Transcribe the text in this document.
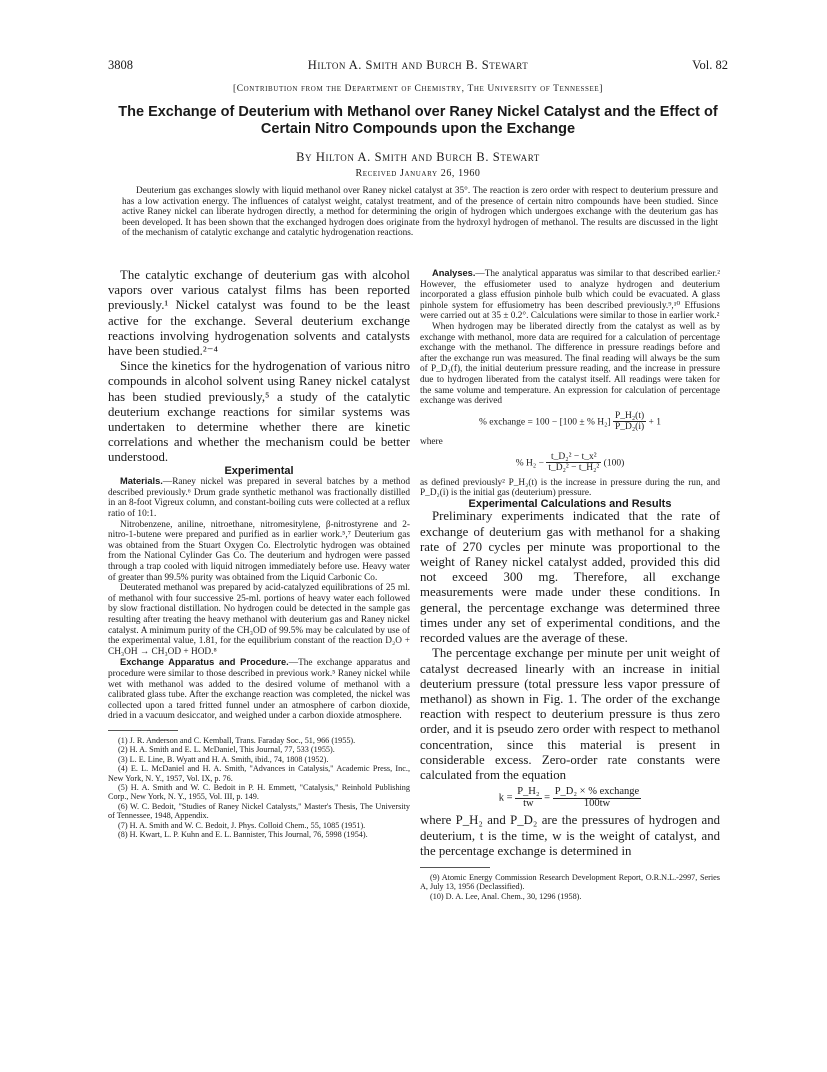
3808	Hilton A. Smith and Burch B. Stewart	Vol. 82
[Contribution from the Department of Chemistry, The University of Tennessee]
The Exchange of Deuterium with Methanol over Raney Nickel Catalyst and the Effect of Certain Nitro Compounds upon the Exchange
By Hilton A. Smith and Burch B. Stewart
Received January 26, 1960

Deuterium gas exchanges slowly with liquid methanol over Raney nickel catalyst at 35°. The reaction is zero order with respect to deuterium pressure and has a low activation energy. The influences of catalyst weight, catalyst treatment, and of the presence of certain nitro compounds have been studied. Since active Raney nickel can liberate hydrogen directly, a method for determining the origin of hydrogen which undergoes exchange with the deuterium gas has been developed. It has been shown that the exchanged hydrogen does originate from the hydroxyl hydrogen of methanol. The results are discussed in the light of the mechanism of catalytic exchange and catalytic hydrogenation reactions.

The catalytic exchange of deuterium gas with alcohol vapors over various catalyst films has been reported previously.¹ Nickel catalyst was found to be the least active for the exchange. Several deuterium exchange reactions involving hydrogenation solvents and catalysts have been studied.²⁻⁴

Since the kinetics for the hydrogenation of various nitro compounds in alcohol solvent using Raney nickel catalyst has been studied previously,⁵ a study of the catalytic deuterium exchange reactions for similar systems was undertaken to determine whether there are kinetic correlations and whether the mechanism could be better understood.

Experimental

Materials.—Raney nickel was prepared in several batches by a method described previously.⁶ Drum grade synthetic methanol was fractionally distilled in an 8-foot Vigreux column, and constant-boiling cuts were collected at a reflux ratio of 10:1.

Nitrobenzene, aniline, nitroethane, nitromesitylene, β-nitrostyrene and 2-nitro-1-butene were prepared and purified as in earlier work.⁵,⁷ Deuterium gas was obtained from the Stuart Oxygen Co. Electrolytic hydrogen was obtained from the National Cylinder Gas Co. The deuterium and hydrogen were passed through a trap cooled with liquid nitrogen immediately before use. Heavy water of greater than 99.5% purity was obtained from the Liquid Carbonic Co.

Deuterated methanol was prepared by acid-catalyzed equilibrations of 25 ml. of methanol with four successive 25-ml. portions of heavy water each followed by slow fractional distillation. No hydrogen could be detected in the sample gas resulting after treating the heavy methanol with deuterium gas and Raney nickel catalyst. A minimum purity of the CH₃OD of 99.5% may be calculated by use of the experimental value, 1.81, for the equilibrium constant of the reaction D₂O + CH₃OH → CH₃OD + HOD.⁸

Exchange Apparatus and Procedure.—The exchange apparatus and procedure were similar to those described in previous work.⁵ Raney nickel while wet with methanol was added to the desired volume of methanol with a calibrated glass tube. After the exchange reaction was completed, the nickel was collected upon a tared fritted funnel under an atmosphere of carbon dioxide, dried in a vacuum desiccator, and weighed under a carbon dioxide atmosphere.

(1) J. R. Anderson and C. Kemball, Trans. Faraday Soc., 51, 966 (1955).

(2) H. A. Smith and E. L. McDaniel, This Journal, 77, 533 (1955).

(3) L. E. Line, B. Wyatt and H. A. Smith, ibid., 74, 1808 (1952).

(4) E. L. McDaniel and H. A. Smith, "Advances in Catalysis," Academic Press, Inc., New York, N. Y., 1957, Vol. IX, p. 76.

(5) H. A. Smith and W. C. Bedoit in P. H. Emmett, "Catalysis," Reinhold Publishing Corp., New York, N. Y., 1955, Vol. III, p. 149.

(6) W. C. Bedoit, "Studies of Raney Nickel Catalysts," Master's Thesis, The University of Tennessee, 1948, Appendix.

(7) H. A. Smith and W. C. Bedoit, J. Phys. Colloid Chem., 55, 1085 (1951).

(8) H. Kwart, L. P. Kuhn and E. L. Bannister, This Journal, 76, 5998 (1954).

Analyses.—The analytical apparatus was similar to that described earlier.² However, the effusiometer used to analyze hydrogen and deuterium incorporated a glass effusion pinhole bulb which could be evacuated. A glass pinhole system for effusiometry has been described previously.⁹,¹⁰ Effusions were carried out at 35 ± 0.2°. Calculations were similar to those in earlier work.²

When hydrogen may be liberated directly from the catalyst as well as by exchange with methanol, more data are required for a calculation of percentage exchange with the methanol. The difference in pressure readings before and after the exchange run was measured. The final reading will always be the sum of P_D₂(f), the initial deuterium pressure reading, and the increase in pressure due to hydrogen liberated from the catalyst itself. All readings were taken for the same volume and temperature. An expression for calculation of percentage exchange was derived

% exchange = 100 − [100 ± % $H_2] \frac{\text{P\_H₂(t)}}{\text{P\_D₂(i)}} + 1$

where

% $H_2 - \frac{\text{t\_D₂² − t\_x²}}{\text{t\_D₂² − t\_H₂²}} (100)$

as defined previously² P_H₂(t) is the increase in pressure during the run, and P_D₂(i) is the initial gas (deuterium) pressure.

Experimental Calculations and Results

Preliminary experiments indicated that the rate of exchange of deuterium gas with methanol for a shaking rate of 270 cycles per minute was proportional to the weight of Raney nickel catalyst added, provided this did not exceed 300 mg. Therefore, all exchange measurements were made under these conditions. In general, the percentage exchange was determined three times under any set of experimental conditions, and the recorded values are the average of these.

The percentage exchange per minute per unit weight of catalyst decreased linearly with an increase in initial deuterium pressure (total pressure less vapor pressure of methanol) as shown in Fig. 1. The order of the exchange reaction with respect to deuterium pressure is thus zero order, and it is pseudo zero order with respect to methanol concentration, since this material is present in considerable excess. Zero-order rate constants were calculated from the equation

$k = \frac{\text{P\_H₂}}{tw} = \frac{\text{P\_D₂ × \% exchange}}{100tw}$

where P_H₂ and P_D₂ are the pressures of hydrogen and deuterium, t is the time, w is the weight of catalyst, and the percentage exchange is determined in

(9) Atomic Energy Commission Research Development Report, O.R.N.L.-2997, Series A, July 13, 1956 (Declassified).

(10) D. A. Lee, Anal. Chem., 30, 1296 (1958).
